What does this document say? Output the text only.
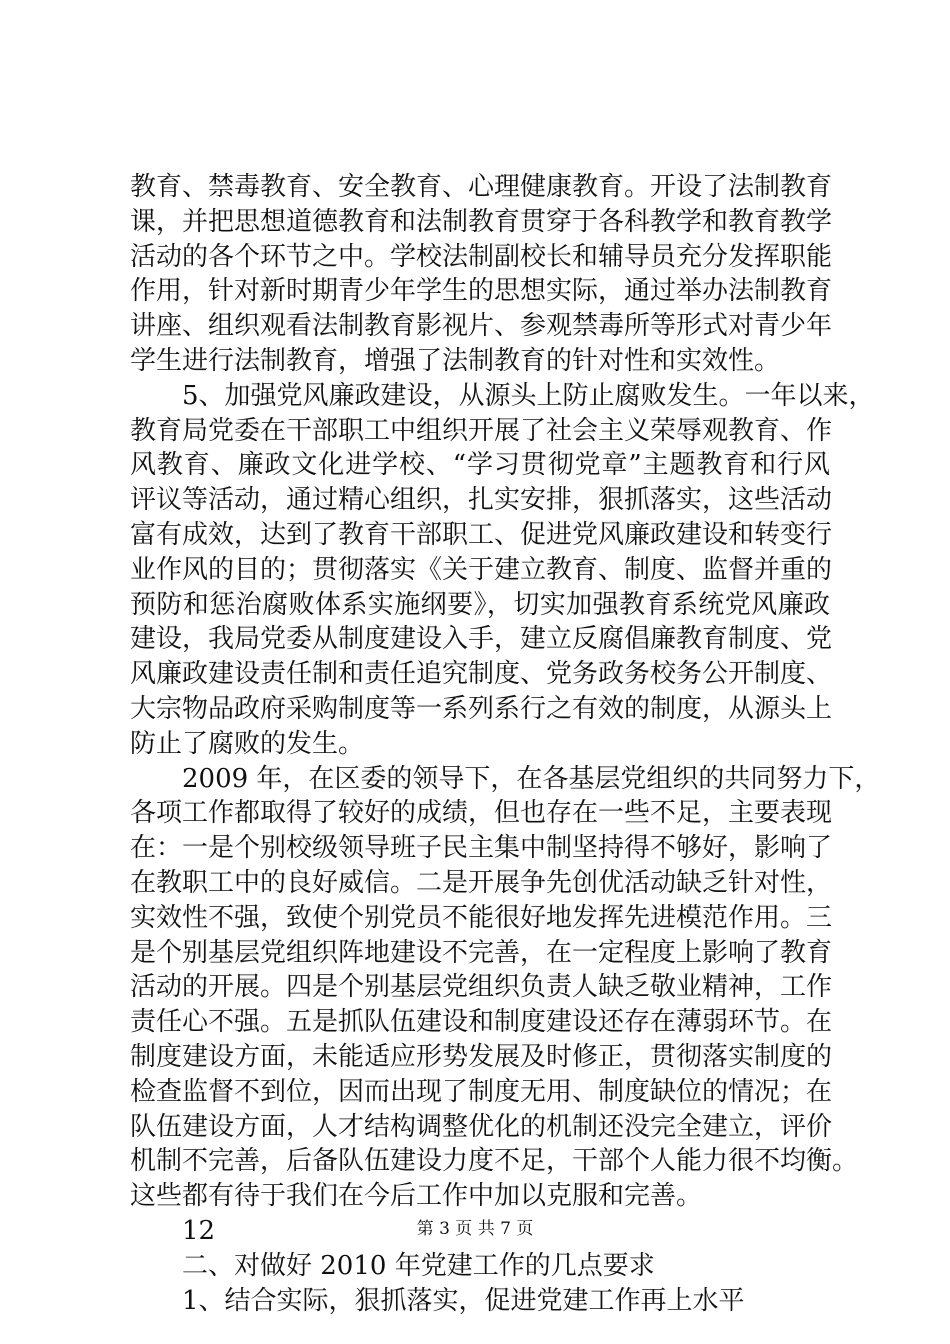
教育、禁毒教育、安全教育、心理健康教育。开设了法制教育
课，并把思想道德教育和法制教育贯穿于各科教学和教育教学
活动的各个环节之中。学校法制副校长和辅导员充分发挥职能
作用，针对新时期青少年学生的思想实际，通过举办法制教育
讲座、组织观看法制教育影视片、参观禁毒所等形式对青少年
学生进行法制教育，增强了法制教育的针对性和实效性。
5、加强党风廉政建设，从源头上防止腐败发生。一年以来，
教育局党委在干部职工中组织开展了社会主义荣辱观教育、作
风教育、廉政文化进学校、“学习贯彻党章”主题教育和行风
评议等活动，通过精心组织，扎实安排，狠抓落实，这些活动
富有成效，达到了教育干部职工、促进党风廉政建设和转变行
业作风的目的；贯彻落实《关于建立教育、制度、监督并重的
预防和惩治腐败体系实施纲要》，切实加强教育系统党风廉政
建设，我局党委从制度建设入手，建立反腐倡廉教育制度、党
风廉政建设责任制和责任追究制度、党务政务校务公开制度、
大宗物品政府采购制度等一系列系行之有效的制度，从源头上
防止了腐败的发生。
2009 年，在区委的领导下，在各基层党组织的共同努力下，
各项工作都取得了较好的成绩，但也存在一些不足，主要表现
在：一是个别校级领导班子民主集中制坚持得不够好，影响了
在教职工中的良好威信。二是开展争先创优活动缺乏针对性，
实效性不强，致使个别党员不能很好地发挥先进模范作用。三
是个别基层党组织阵地建设不完善，在一定程度上影响了教育
活动的开展。四是个别基层党组织负责人缺乏敬业精神，工作
责任心不强。五是抓队伍建设和制度建设还存在薄弱环节。在
制度建设方面，未能适应形势发展及时修正，贯彻落实制度的
检查监督不到位，因而出现了制度无用、制度缺位的情况；在
队伍建设方面，人才结构调整优化的机制还没完全建立，评价
机制不完善，后备队伍建设力度不足，干部个人能力很不均衡。
这些都有待于我们在今后工作中加以克服和完善。
12
二、对做好 2010 年党建工作的几点要求
1、结合实际，狠抓落实，促进党建工作再上水平
第 3 页 共 7 页
